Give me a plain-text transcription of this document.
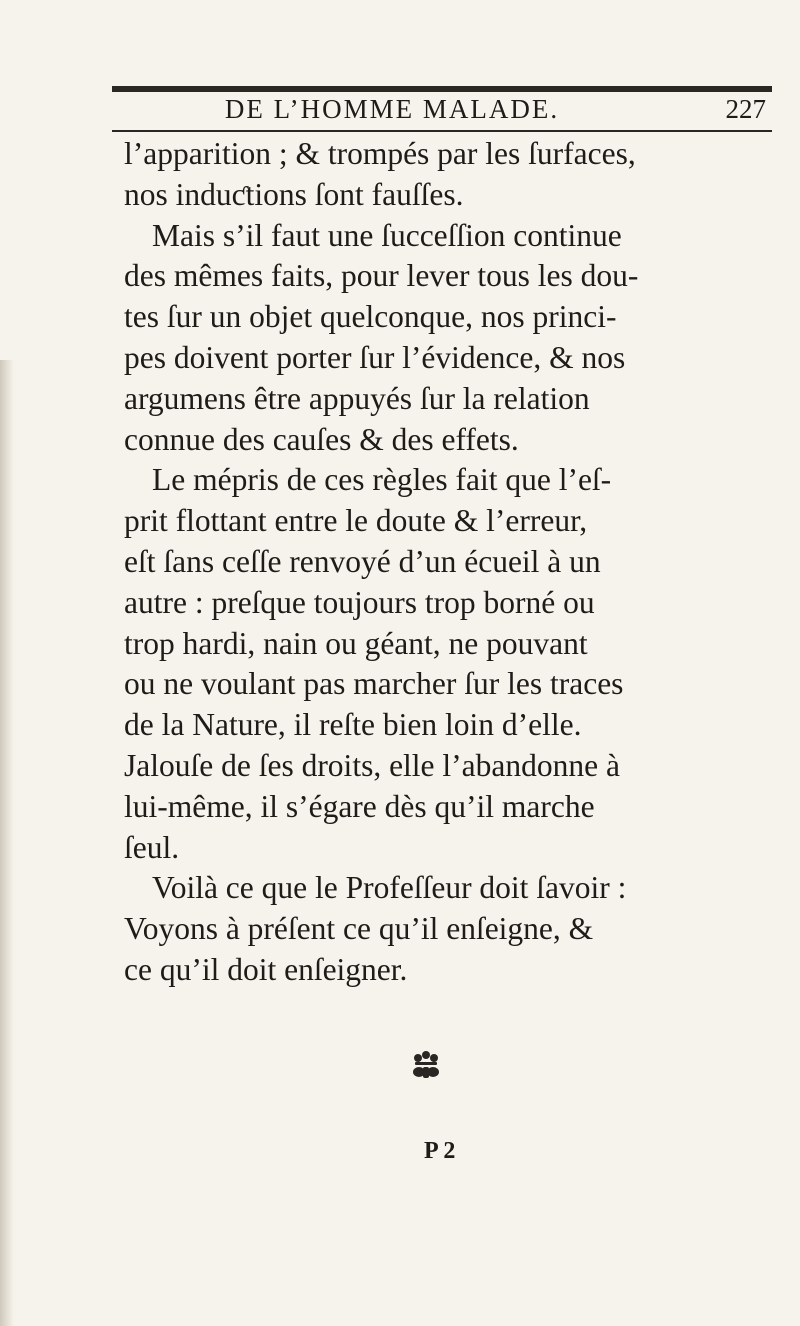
DE L’HOMME MALADE.	227
l’apparition ; & trompés par les ſurfaces,
nos induƈtions ſont fauſſes.
Mais s’il faut une ſucceſſion continue
des mêmes faits, pour lever tous les dou-
tes ſur un objet quelconque, nos princi-
pes doivent porter ſur l’évidence, & nos
argumens être appuyés ſur la relation
connue des cauſes & des effets.
Le mépris de ces règles fait que l’eſ-
prit flottant entre le doute & l’erreur,
eſt ſans ceſſe renvoyé d’un écueil à un
autre : preſque toujours trop borné ou
trop hardi, nain ou géant, ne pouvant
ou ne voulant pas marcher ſur les traces
de la Nature, il reſte bien loin d’elle.
Jalouſe de ſes droits, elle l’abandonne à
lui-même, il s’égare dès qu’il marche
ſeul.
Voilà ce que le Profeſſeur doit ſavoir :
Voyons à préſent ce qu’il enſeigne, &
ce qu’il doit enſeigner.
P 2
